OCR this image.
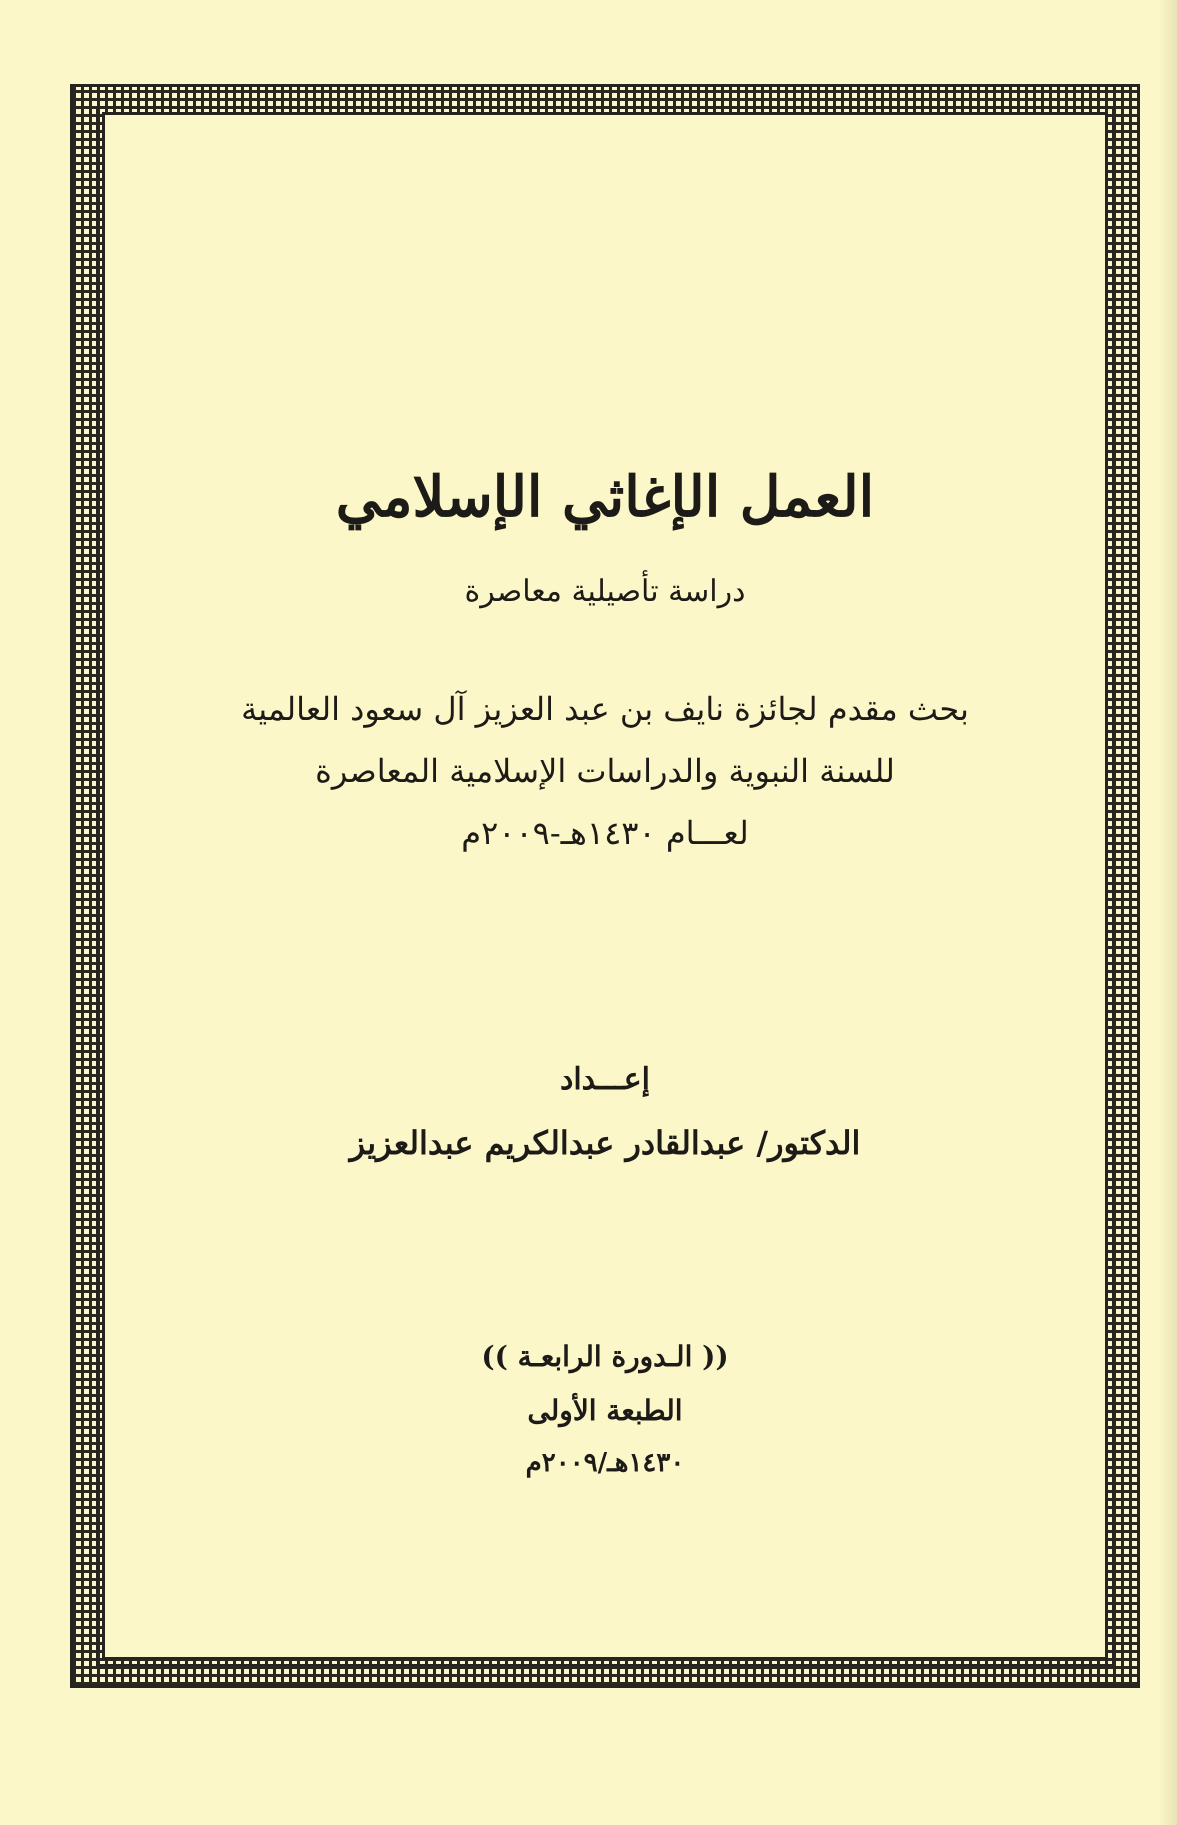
العمل الإغاثي الإسلامي
دراسة تأصيلية معاصرة
بحث مقدم لجائزة نايف بن عبد العزيز آل سعود العالمية
للسنة النبوية والدراسات الإسلامية المعاصرة
لعـــام ١٤٣٠هـ-٢٠٠٩م
إعـــداد
الدكتور/ عبدالقادر عبدالكريم عبدالعزيز
(( الـدورة الرابعـة ))
الطبعة الأولى
١٤٣٠هـ/٢٠٠٩م
